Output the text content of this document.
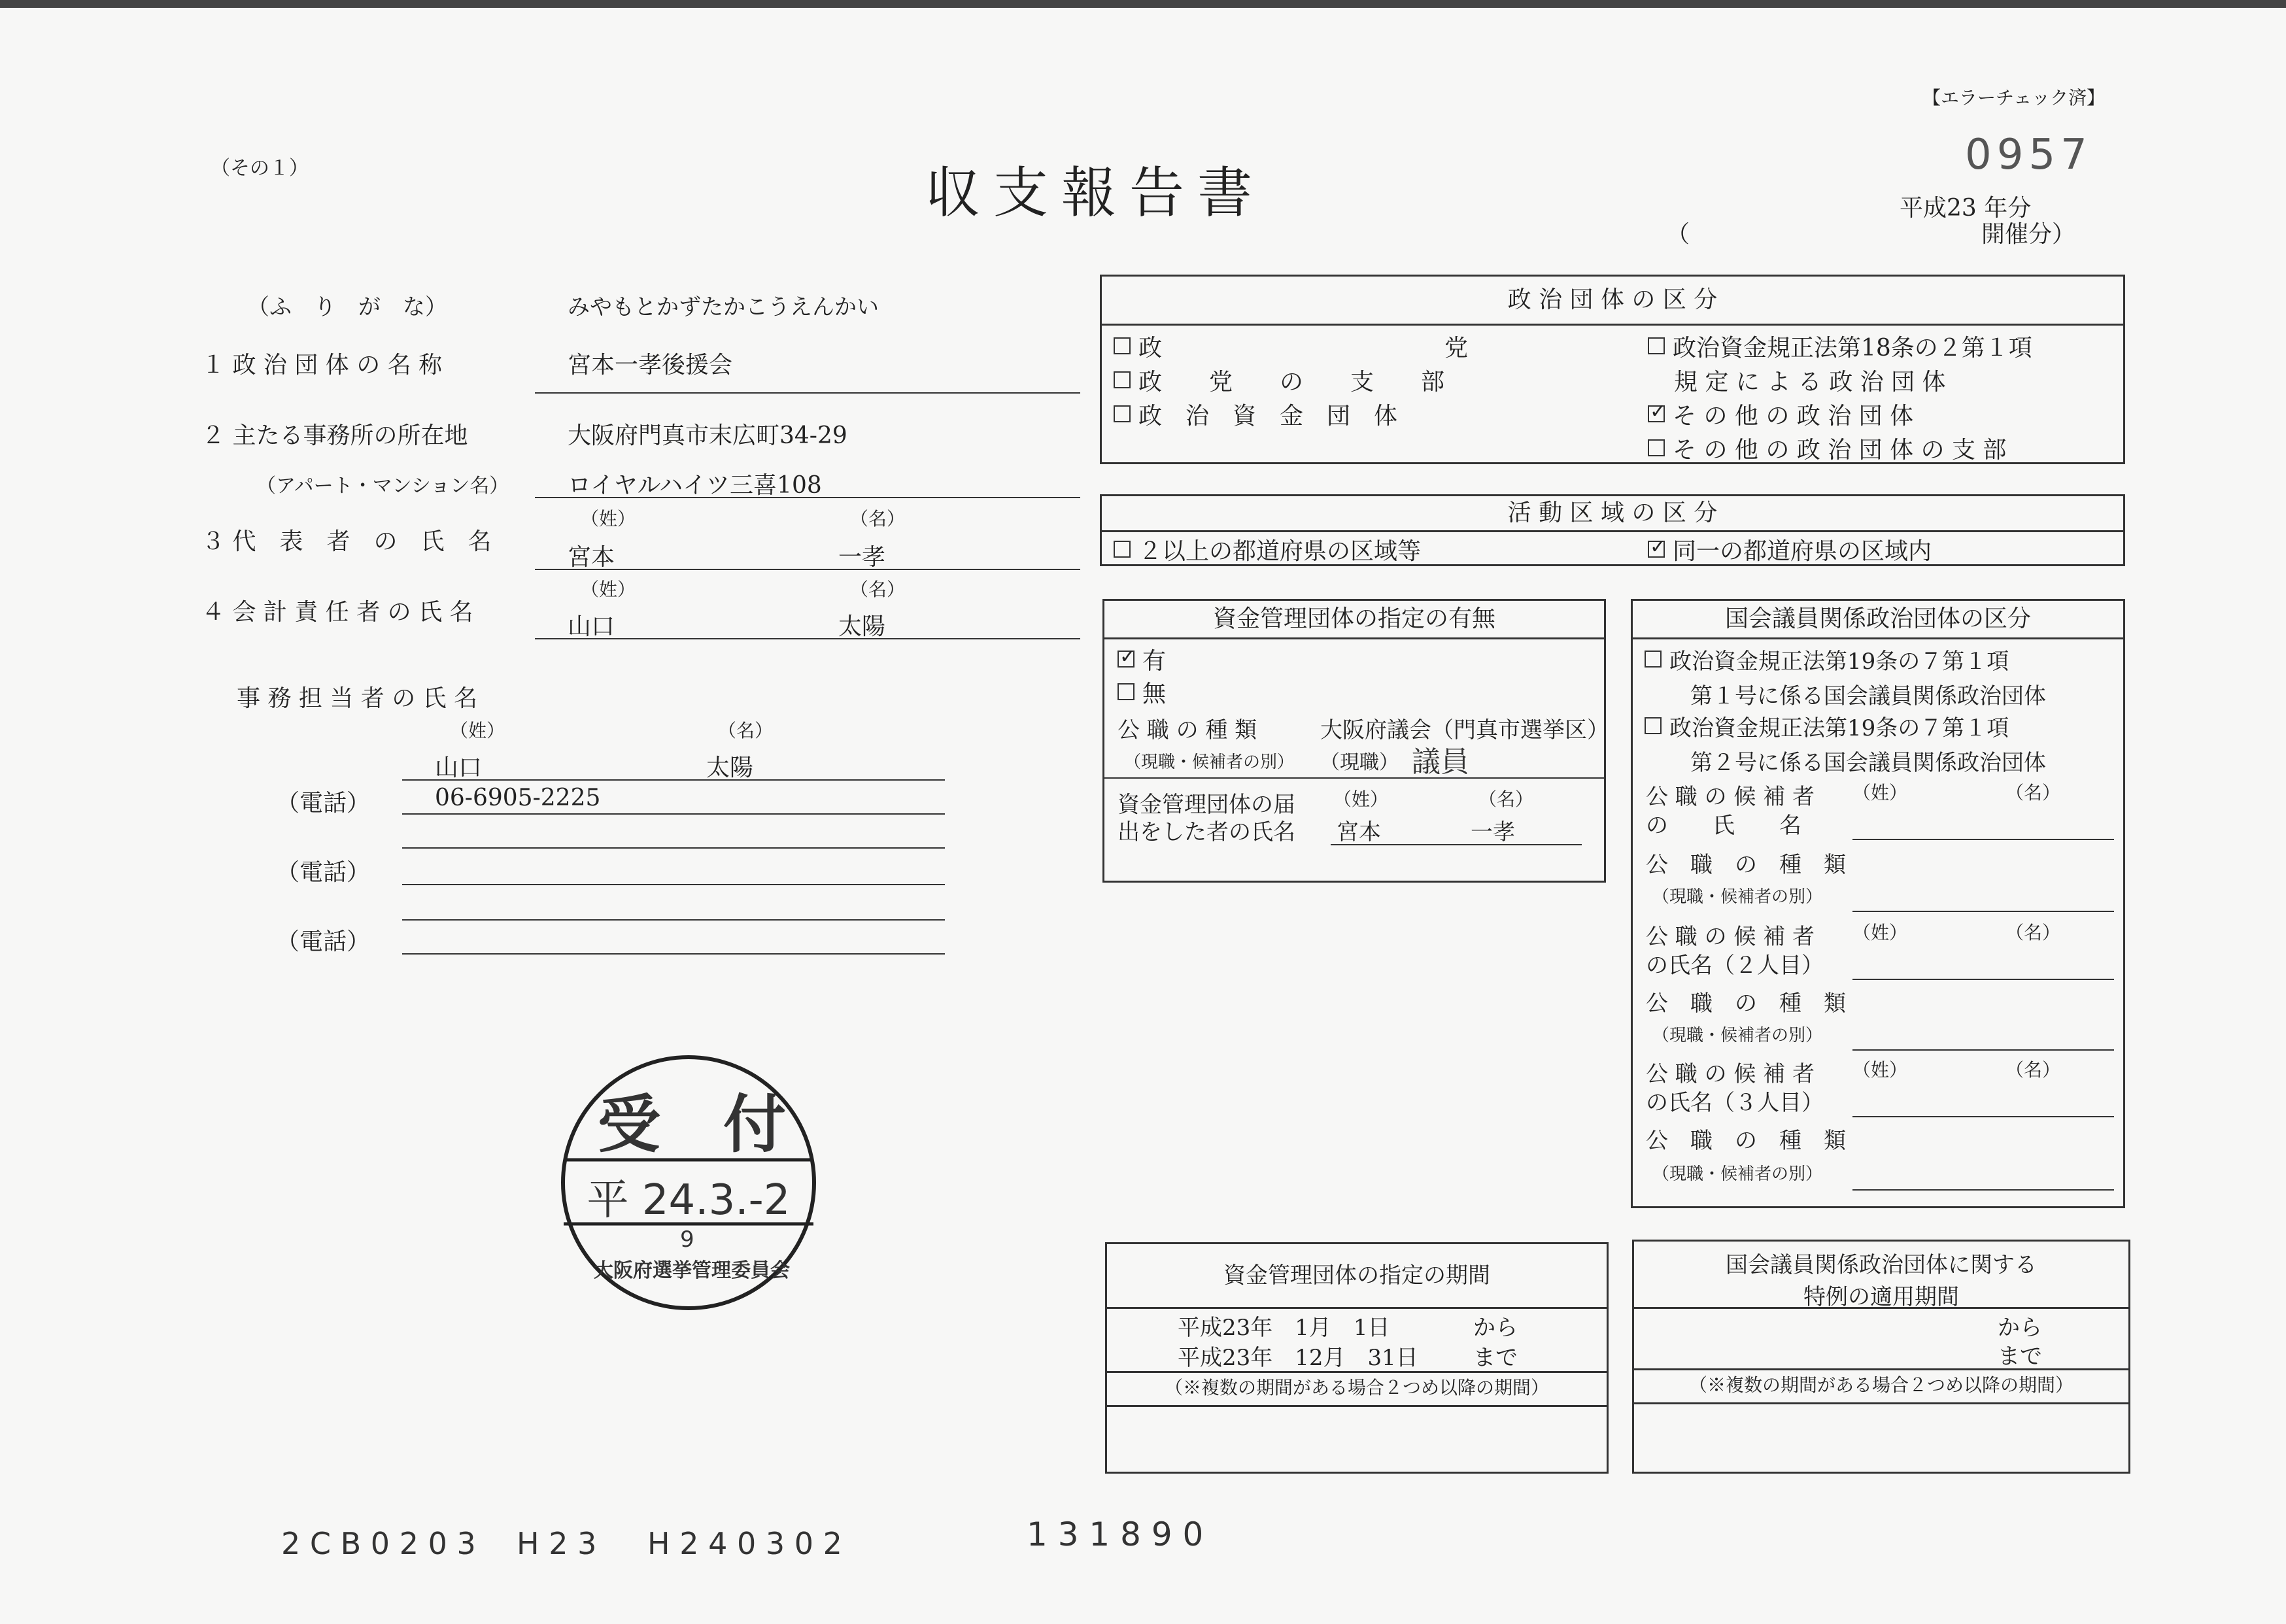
【エラーチェック済】
（その１）	収支報告書
0957
平成23 年分
（	開催分）
（ふ　り　が　な）	みやもとかずたかこうえんかい
１ 政 治 団 体 の 名 称	宮本一孝後援会
２ 主たる事務所の所在地	大阪府門真市末広町34-29
（アパート・マンション名） ロイヤルハイツ三喜108
（姓）	（名）
３ 代　表　者　の　氏　名
宮本	一孝
（姓）	（名）
４ 会 計 責 任 者 の 氏 名
山口	太陽
事 務 担 当 者 の 氏 名
（姓）	（名）
山口	太陽
（電話）	06-6905-2225
（電話）
（電話）
政 治 団 体 の 区 分
政　　　　　　　　　　　　党
政　　党　　の　　支　　部
政　治　資　金　団　体
政治資金規正法第18条の２第１項
規 定 に よ る 政 治 団 体
✓
そ の 他 の 政 治 団 体
そ の 他 の 政 治 団 体 の 支 部
活 動 区 域 の 区 分
２以上の都道府県の区域等
✓	同一の都道府県の区域内
資金管理団体の指定の有無
✓
有
無
公 職 の 種 類	大阪府議会（門真市選挙区）
（現職・候補者の別） （現職） 議員
資金管理団体の届
出をした者の氏名
（姓）	（名）
宮本	一孝
国会議員関係政治団体の区分
政治資金規正法第19条の７第１項
第１号に係る国会議員関係政治団体
政治資金規正法第19条の７第１項
第２号に係る国会議員関係政治団体
公 職 の 候 補 者
の　　氏　　名
（姓）	（名）
公　職　の　種　類
（現職・候補者の別）
公 職 の 候 補 者
の氏名（２人目）
（姓）	（名）
公　職　の　種　類
（現職・候補者の別）
公 職 の 候 補 者
の氏名（３人目）
（姓）	（名）
公　職　の　種　類
（現職・候補者の別）
資金管理団体の指定の期間
平成23年　1月　1日	から
平成23年　12月　31日 まで
（※複数の期間がある場合２つめ以降の期間）
国会議員関係政治団体に関する
特例の適用期間
から
まで
（※複数の期間がある場合２つめ以降の期間）
受　付
平 24.3.-2
9
大阪府選挙管理委員会
2 C B 0 2 0 3 H 2 3 H 2 4 0 3 0 2	1 3 1 8 9 0
